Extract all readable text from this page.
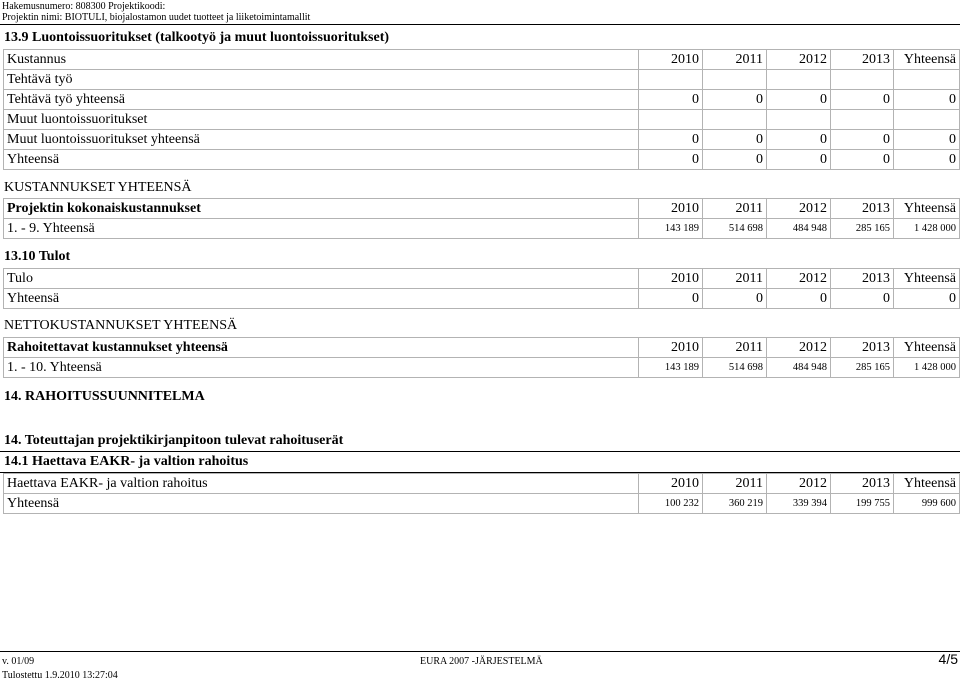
Hakemusnumero: 808300 Projektikoodi:
Projektin nimi: BIOTULI, biojalostamon uudet tuotteet ja liiketoimintamallit
13.9 Luontoissuoritukset (talkootyö ja muut luontoissuoritukset)
Kustannus	2010	2011	2012	2013	Yhteensä
Tehtävä työ					
Tehtävä työ yhteensä	0	0	0	0	0
Muut luontoissuoritukset					
Muut luontoissuoritukset yhteensä	0	0	0	0	0
Yhteensä	0	0	0	0	0
KUSTANNUKSET YHTEENSÄ
Projektin kokonaiskustannukset	2010	2011	2012	2013	Yhteensä
1. - 9. Yhteensä	143 189	514 698	484 948	285 165	1 428 000
13.10 Tulot
Tulo	2010	2011	2012	2013	Yhteensä
Yhteensä	0	0	0	0	0
NETTOKUSTANNUKSET YHTEENSÄ
Rahoitettavat kustannukset yhteensä	2010	2011	2012	2013	Yhteensä
1. - 10. Yhteensä	143 189	514 698	484 948	285 165	1 428 000
14. RAHOITUSSUUNNITELMA
14. Toteuttajan projektikirjanpitoon tulevat rahoituserät
14.1 Haettava EAKR- ja valtion rahoitus
Haettava EAKR- ja valtion rahoitus	2010	2011	2012	2013	Yhteensä
Yhteensä	100 232	360 219	339 394	199 755	999 600
v. 01/09	EURA 2007 -JÄRJESTELMÄ	4/5
Tulostettu 1.9.2010 13:27:04
